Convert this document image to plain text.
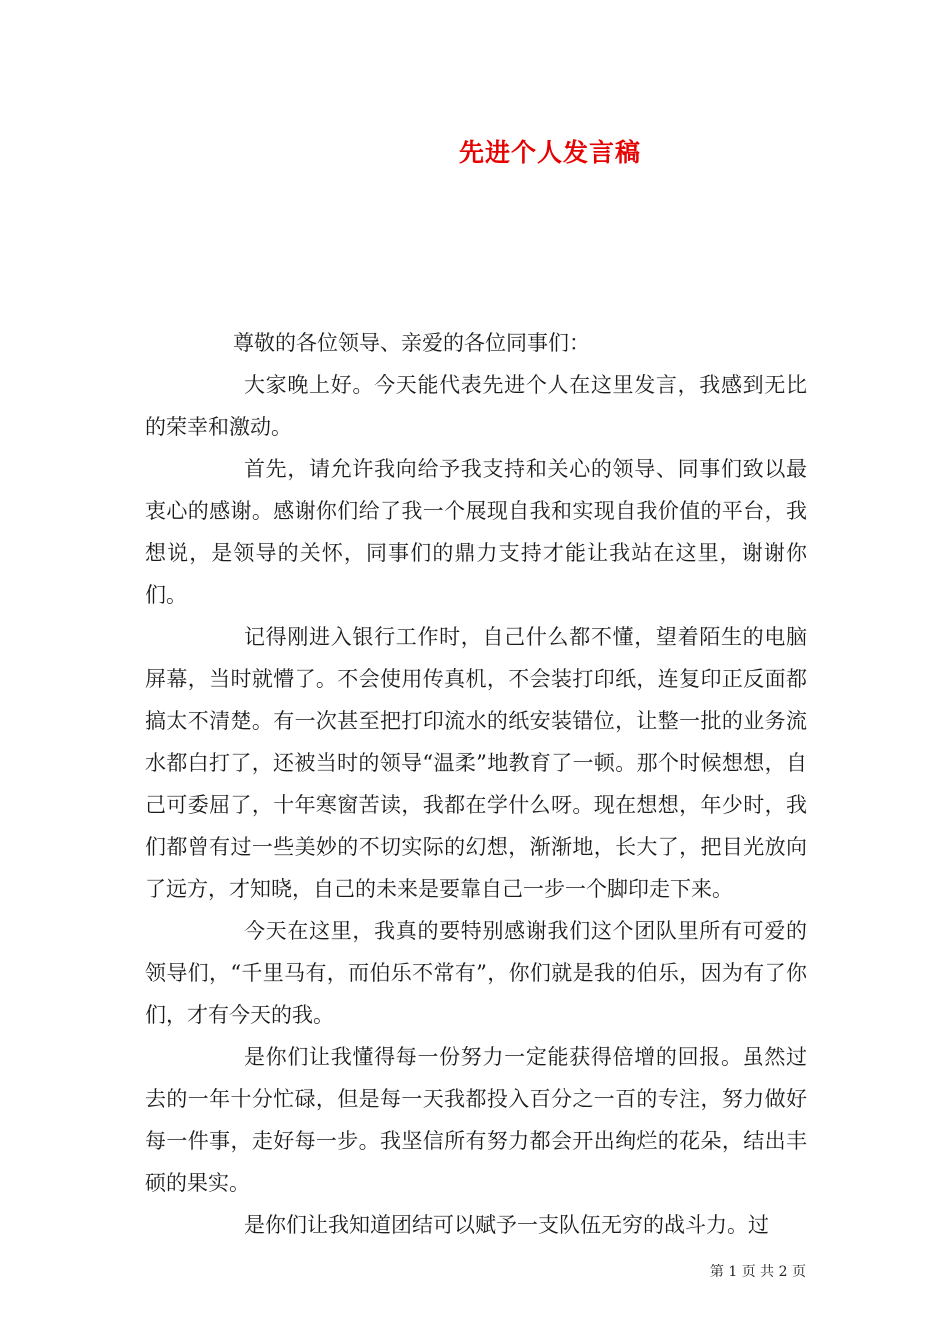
先进个人发言稿

尊敬的各位领导、亲爱的各位同事们：

大家晚上好。今天能代表先进个人在这里发言，我感到无比的荣幸和激动。

首先，请允许我向给予我支持和关心的领导、同事们致以最衷心的感谢。感谢你们给了我一个展现自我和实现自我价值的平台，我想说，是领导的关怀，同事们的鼎力支持才能让我站在这里，谢谢你们。

记得刚进入银行工作时，自己什么都不懂，望着陌生的电脑屏幕，当时就懵了。不会使用传真机，不会装打印纸，连复印正反面都搞太不清楚。有一次甚至把打印流水的纸安装错位，让整一批的业务流水都白打了，还被当时的领导“温柔”地教育了一顿。那个时候想想，自己可委屈了，十年寒窗苦读，我都在学什么呀。现在想想，年少时，我们都曾有过一些美妙的不切实际的幻想，渐渐地，长大了，把目光放向了远方，才知晓，自己的未来是要靠自己一步一个脚印走下来。

今天在这里，我真的要特别感谢我们这个团队里所有可爱的领导们，“千里马有，而伯乐不常有”，你们就是我的伯乐，因为有了你们，才有今天的我。

是你们让我懂得每一份努力一定能获得倍增的回报。虽然过去的一年十分忙碌，但是每一天我都投入百分之一百的专注，努力做好每一件事，走好每一步。我坚信所有努力都会开出绚烂的花朵，结出丰硕的果实。

是你们让我知道团结可以赋予一支队伍无穷的战斗力。过

第 1 页 共 2 页
